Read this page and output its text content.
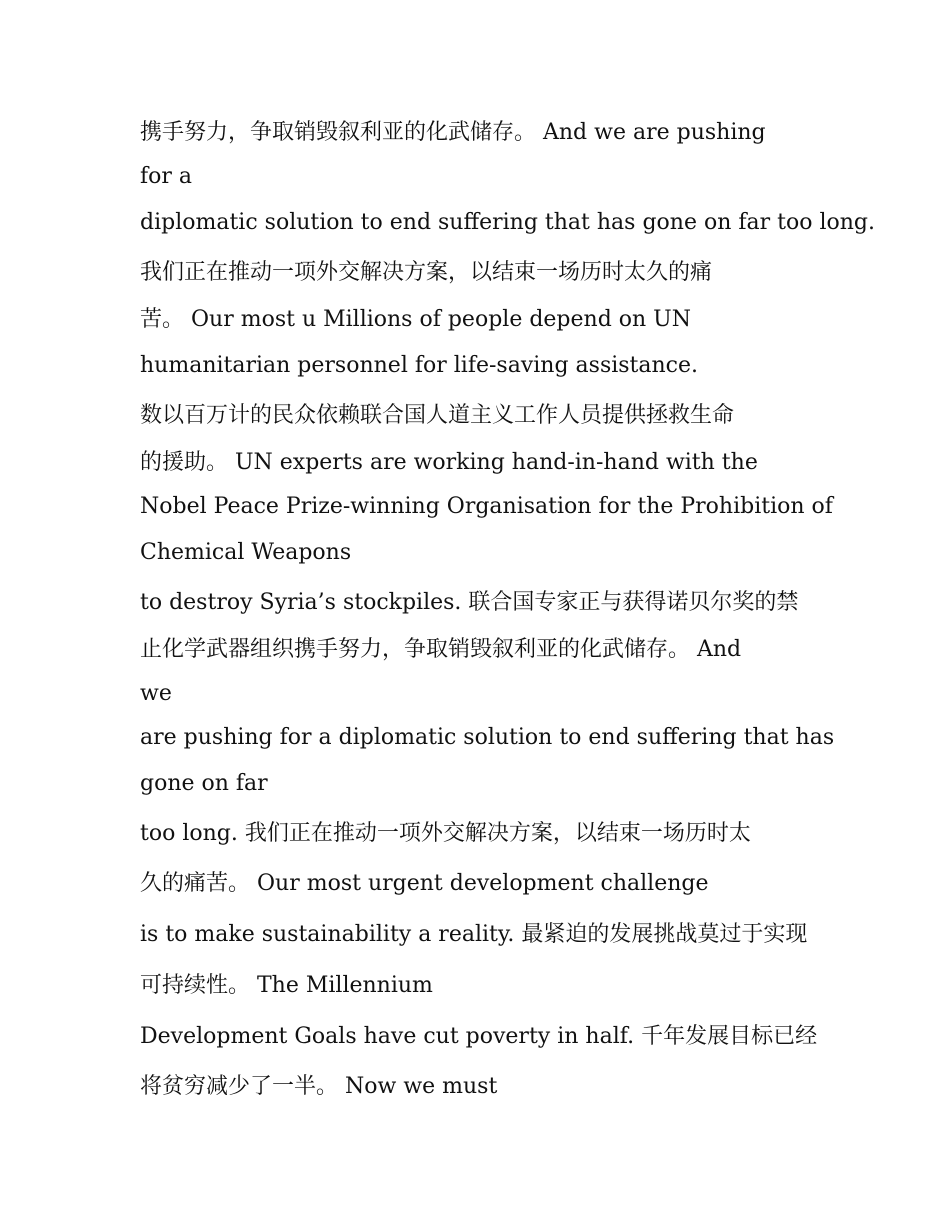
携手努力，争取销毁叙利亚的化武储存。 And we are pushing
for a
diplomatic solution to end suffering that has gone on far too long.
我们正在推动一项外交解决方案，以结束一场历时太久的痛
苦。 Our most u Millions of people depend on UN
humanitarian personnel for life-saving assistance.
数以百万计的民众依赖联合国人道主义工作人员提供拯救生命
的援助。 UN experts are working hand-in-hand with the
Nobel Peace Prize-winning Organisation for the Prohibition of
Chemical Weapons
to destroy Syria’s stockpiles. 联合国专家正与获得诺贝尔奖的禁
止化学武器组织携手努力，争取销毁叙利亚的化武储存。 And
we
are pushing for a diplomatic solution to end suffering that has
gone on far
too long. 我们正在推动一项外交解决方案，以结束一场历时太
久的痛苦。 Our most urgent development challenge
is to make sustainability a reality. 最紧迫的发展挑战莫过于实现
可持续性。 The Millennium
Development Goals have cut poverty in half. 千年发展目标已经
将贫穷减少了一半。 Now we must
